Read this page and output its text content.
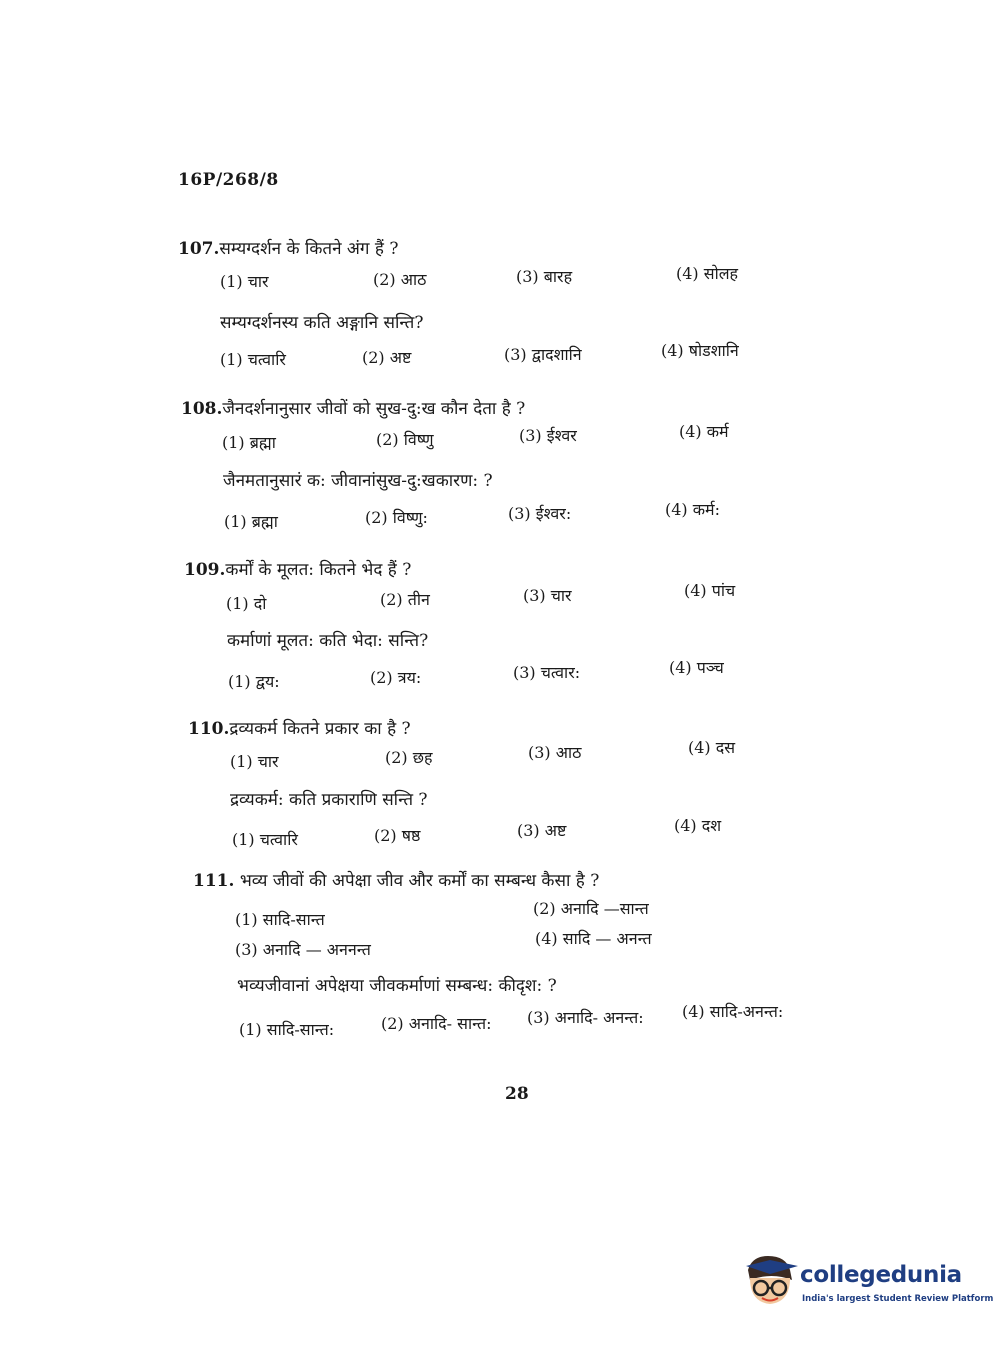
16P/268/8
107.सम्यग्दर्शन के कितने अंग हैं ?
(1) चार	(2) आठ	(3) बारह	(4) सोलह
सम्यग्दर्शनस्य कति अङ्गानि सन्ति?
(1) चत्वारि	(2) अष्ट	(3) द्वादशानि	(4) षोडशानि
108.जैनदर्शनानुसार जीवों को सुख-दु:ख कौन देता है ?
(1) ब्रह्मा	(2) विष्णु	(3) ईश्वर	(4) कर्म
जैनमतानुसारं क: जीवानांसुख-दु:खकारण: ?
(1) ब्रह्मा	(2) विष्णु:	(3) ईश्वर:	(4) कर्म:
109.कर्मों के मूलत: कितने भेद हैं ?
(1) दो	(2) तीन	(3) चार	(4) पांच
कर्माणां मूलत: कति भेदा: सन्ति?
(1) द्वय:	(2) त्रय:	(3) चत्वार:	(4) पञ्च
110.द्रव्यकर्म कितने प्रकार का है ?
(1) चार	(2) छह	(3) आठ	(4) दस
द्रव्यकर्म: कति प्रकाराणि सन्ति ?
(1) चत्वारि	(2) षष्ठ	(3) अष्ट	(4) दश
111. भव्य जीवों की अपेक्षा जीव और कर्मों का सम्बन्ध कैसा है ?
(1) सादि-सान्त
(2) अनादि —सान्त
(3) अनादि — अननन्त
(4) सादि — अनन्त
भव्यजीवानां अपेक्षया जीवकर्माणां सम्बन्ध: कीदृश: ?
(1) सादि-सान्त:	(2) अनादि- सान्त: (3) अनादि- अनन्त: (4) सादि-अनन्त:
28
collegedunia
India's largest Student Review Platform
